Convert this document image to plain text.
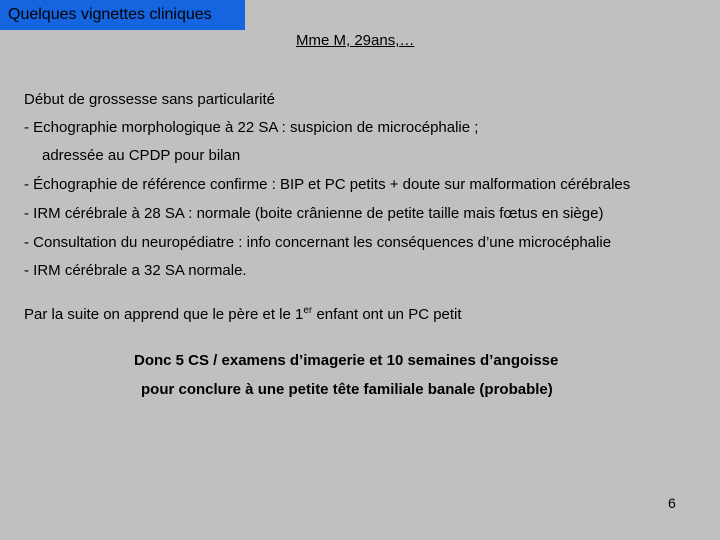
Quelques vignettes cliniques
Mme M, 29ans,…
Début de grossesse sans particularité
- Echographie morphologique à 22 SA : suspicion de microcéphalie ;
adressée au CPDP pour bilan
- Échographie de référence confirme : BIP et PC petits + doute sur malformation cérébrales
- IRM cérébrale à 28 SA : normale (boite crânienne de petite taille mais fœtus en siège)
- Consultation du neuropédiatre : info concernant les conséquences d’une microcéphalie
- IRM cérébrale a 32 SA normale.
Par la suite on apprend que le père et le 1er enfant ont un PC petit
Donc 5 CS / examens d’imagerie et 10 semaines d’angoisse
pour conclure à une petite tête familiale banale (probable)
6
